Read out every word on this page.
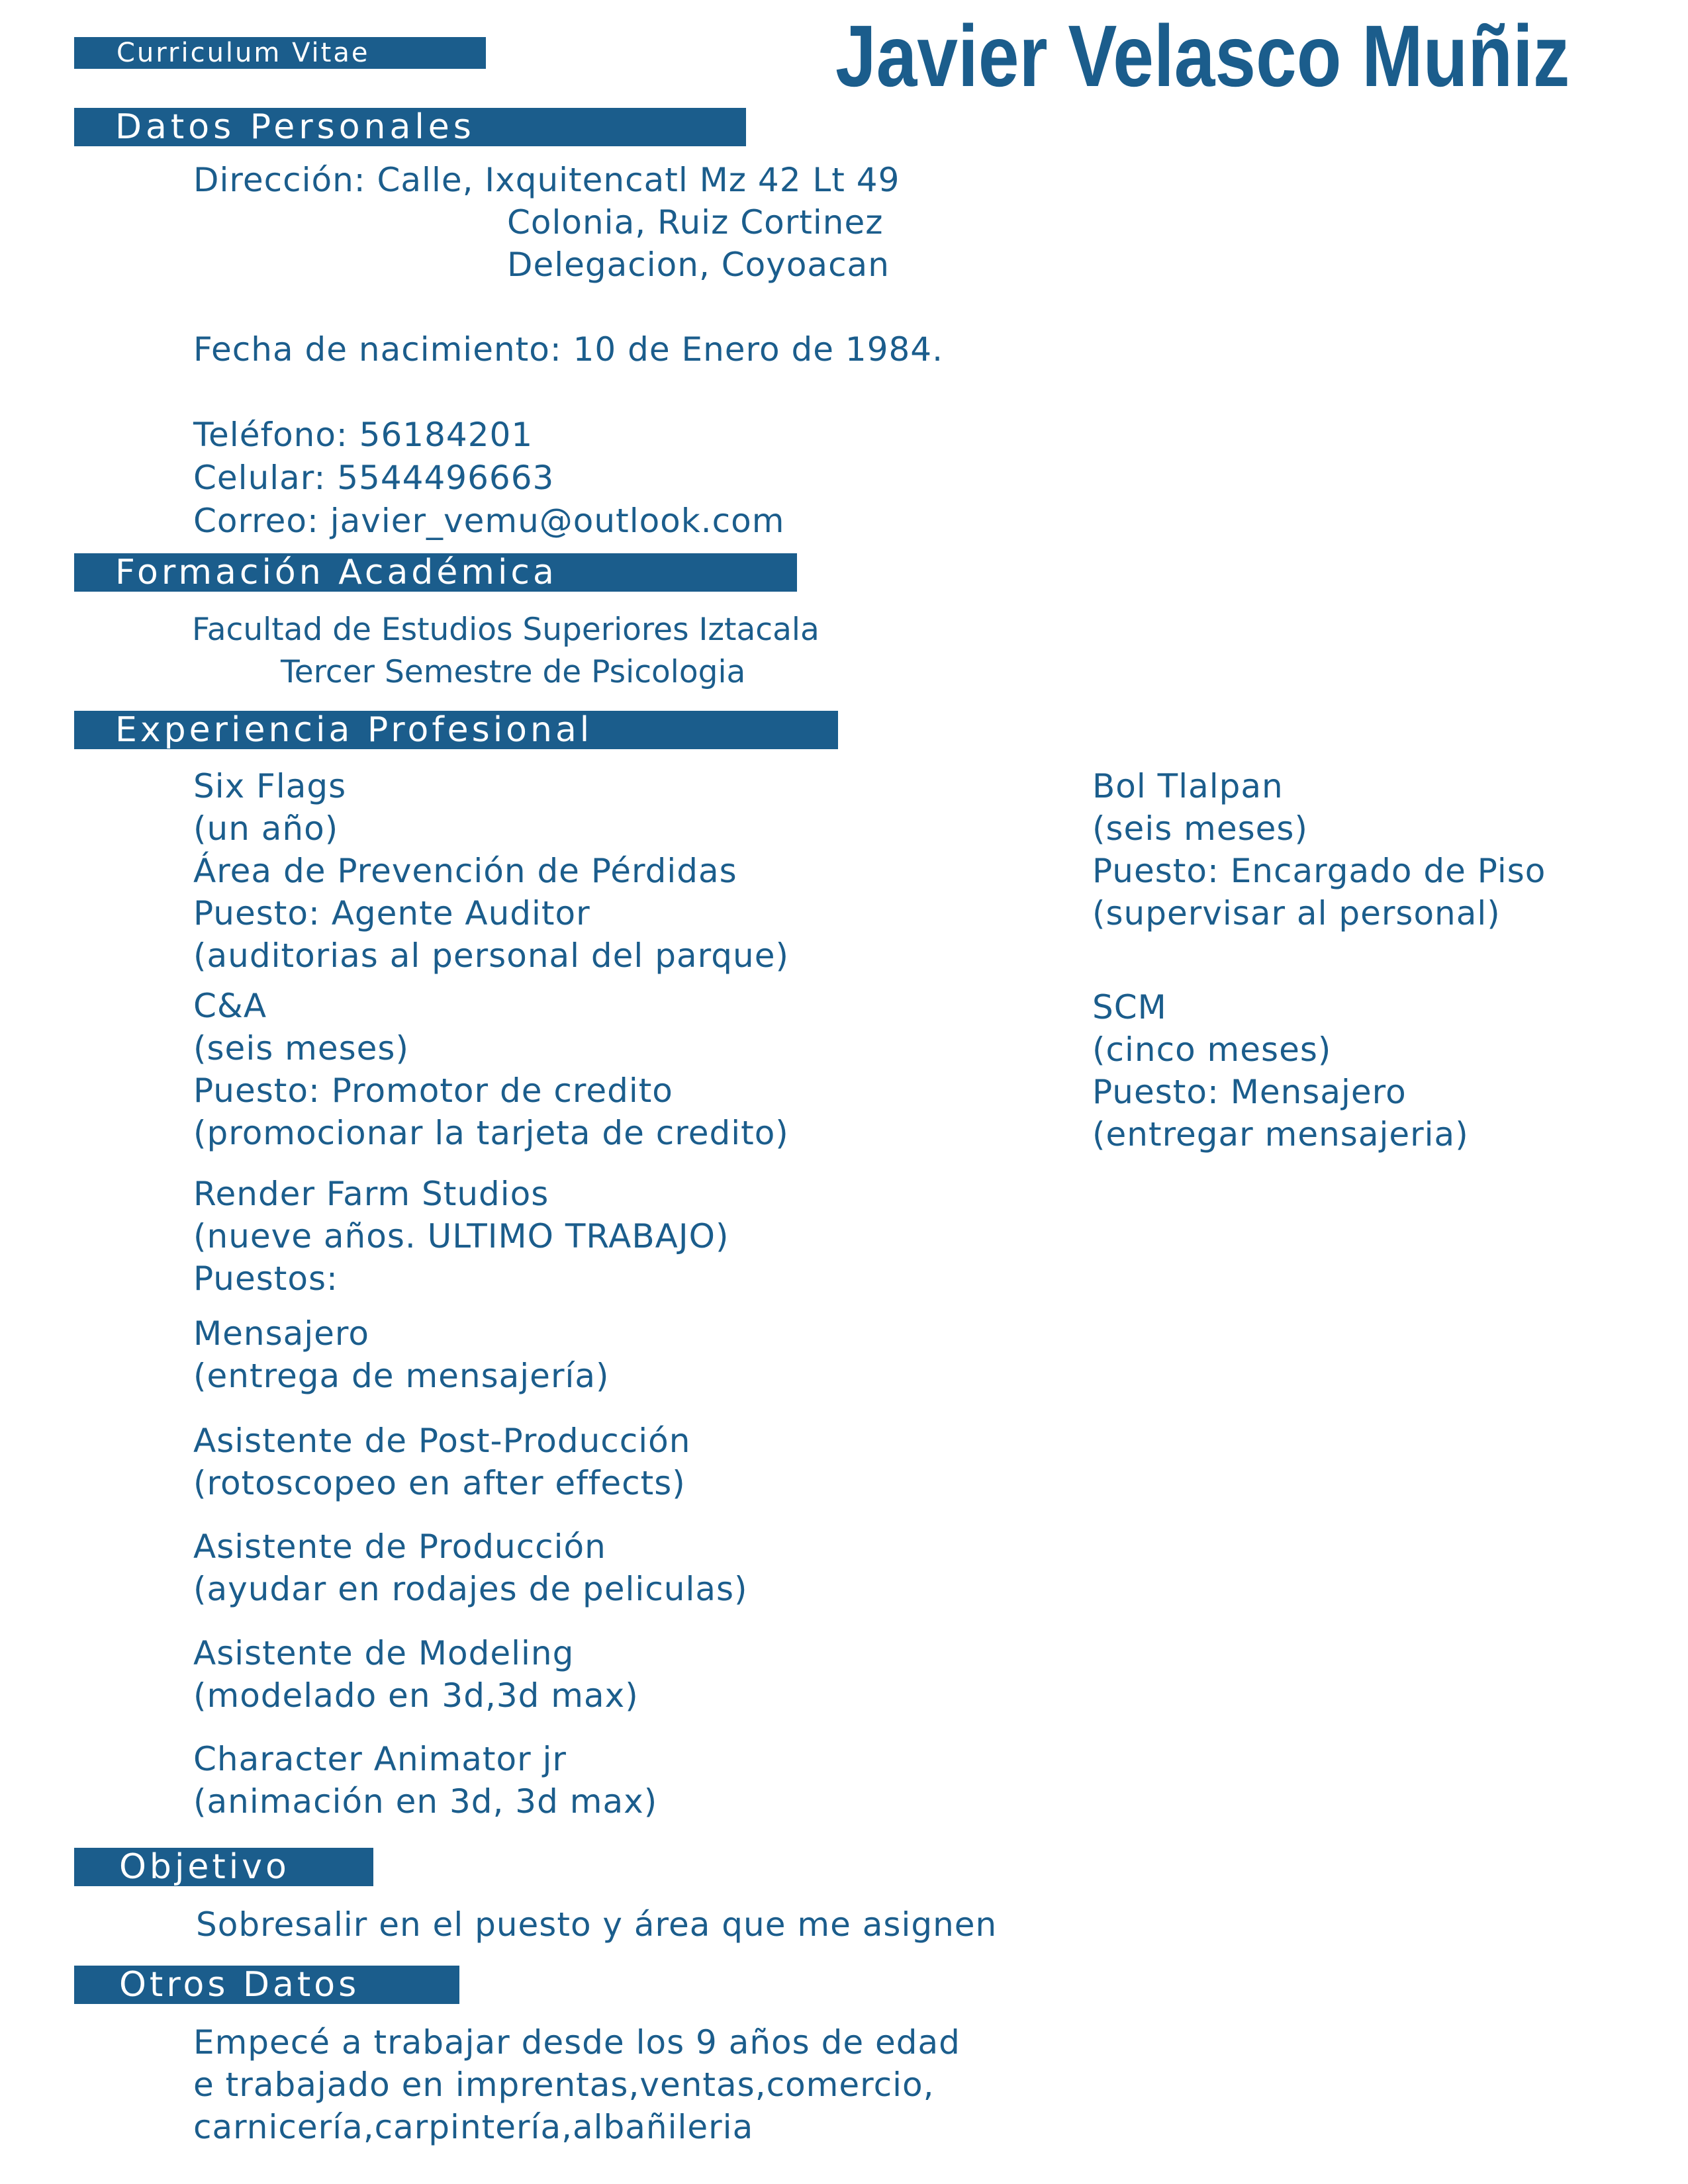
Curriculum Vitae	Javier Velasco Muñiz
Datos Personales
Dirección: Calle, Ixquitencatl Mz 42 Lt 49
Colonia, Ruiz Cortinez
Delegacion, Coyoacan
Fecha de nacimiento: 10 de Enero de 1984.
Teléfono: 56184201
Celular: 5544496663
Correo: javier_vemu@outlook.com
Formación Académica
Facultad de Estudios Superiores Iztacala
Tercer Semestre de Psicologia
Experiencia Profesional
Six Flags
(un año)
Área de Prevención de Pérdidas
Puesto: Agente Auditor
(auditorias al personal del parque)
C&A
(seis meses)
Puesto: Promotor de credito
(promocionar la tarjeta de credito)
Render Farm Studios
(nueve años. ULTIMO TRABAJO)
Puestos:
Mensajero
(entrega de mensajería)
Asistente de Post-Producción
(rotoscopeo en after effects)
Asistente de Producción
(ayudar en rodajes de peliculas)
Asistente de Modeling
(modelado en 3d,3d max)
Character Animator jr
(animación en 3d, 3d max)
Bol Tlalpan
(seis meses)
Puesto: Encargado de Piso
(supervisar al personal)
SCM
(cinco meses)
Puesto: Mensajero
(entregar mensajeria)
Objetivo
Sobresalir en el puesto y área que me asignen
Otros Datos
Empecé a trabajar desde los 9 años de edad
e trabajado en imprentas,ventas,comercio,
carnicería,carpintería,albañileria
